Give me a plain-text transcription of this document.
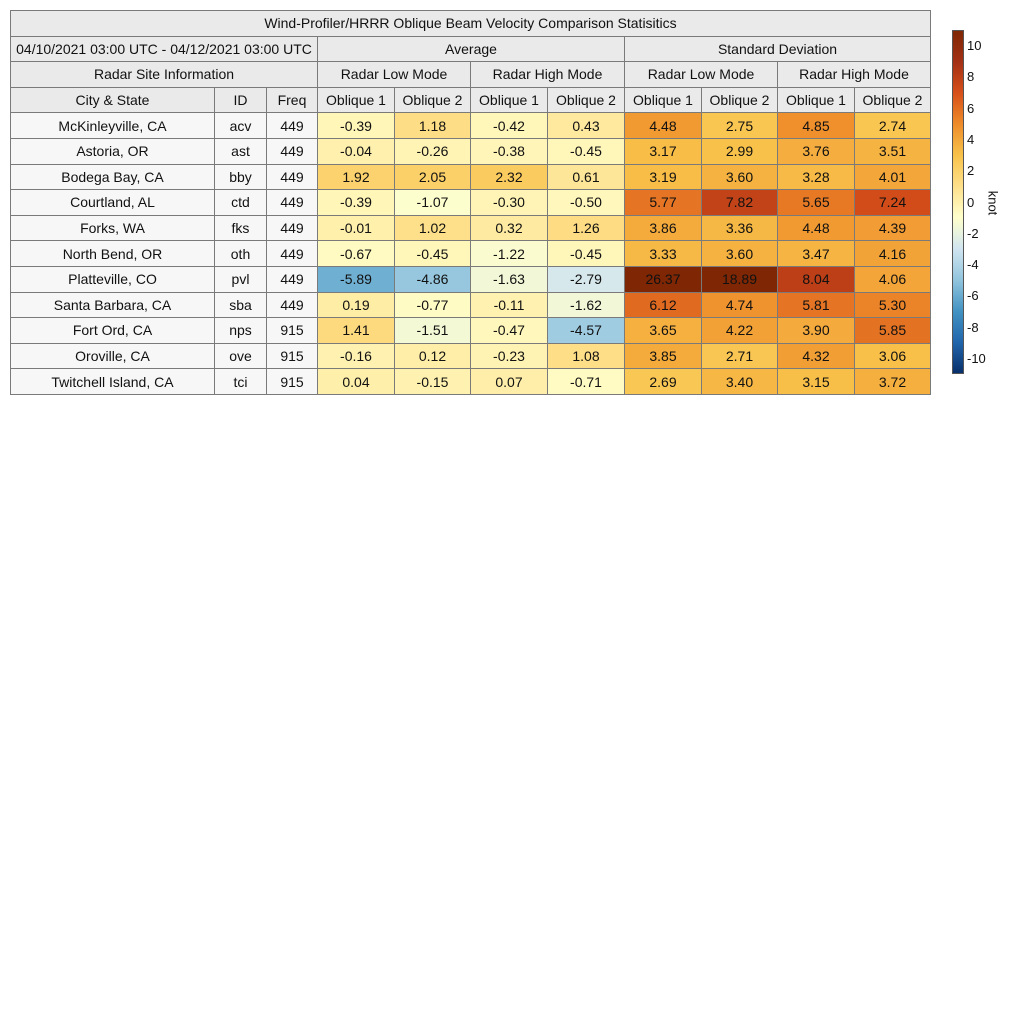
Wind-Profiler/HRRR Oblique Beam Velocity Comparison Statisitics										
04/10/2021 03:00 UTC - 04/12/2021 03:00 UTC			Average				Standard Deviation			
Radar Site Information			Radar Low Mode		Radar High Mode		Radar Low Mode		Radar High Mode	
City & State	ID	Freq	Oblique 1	Oblique 2	Oblique 1	Oblique 2	Oblique 1	Oblique 2	Oblique 1	Oblique 2
McKinleyville, CA	acv	449	-0.39	1.18	-0.42	0.43	4.48	2.75	4.85	2.74
Astoria, OR	ast	449	-0.04	-0.26	-0.38	-0.45	3.17	2.99	3.76	3.51
Bodega Bay, CA	bby	449	1.92	2.05	2.32	0.61	3.19	3.60	3.28	4.01
Courtland, AL	ctd	449	-0.39	-1.07	-0.30	-0.50	5.77	7.82	5.65	7.24
Forks, WA	fks	449	-0.01	1.02	0.32	1.26	3.86	3.36	4.48	4.39
North Bend, OR	oth	449	-0.67	-0.45	-1.22	-0.45	3.33	3.60	3.47	4.16
Platteville, CO	pvl	449	-5.89	-4.86	-1.63	-2.79	26.37	18.89	8.04	4.06
Santa Barbara, CA	sba	449	0.19	-0.77	-0.11	-1.62	6.12	4.74	5.81	5.30
Fort Ord, CA	nps	915	1.41	-1.51	-0.47	-4.57	3.65	4.22	3.90	5.85
Oroville, CA	ove	915	-0.16	0.12	-0.23	1.08	3.85	2.71	4.32	3.06
Twitchell Island, CA	tci	915	0.04	-0.15	0.07	-0.71	2.69	3.40	3.15	3.72
10
8
6
4
2
0
-2
-4
-6
-8
-10
knot
